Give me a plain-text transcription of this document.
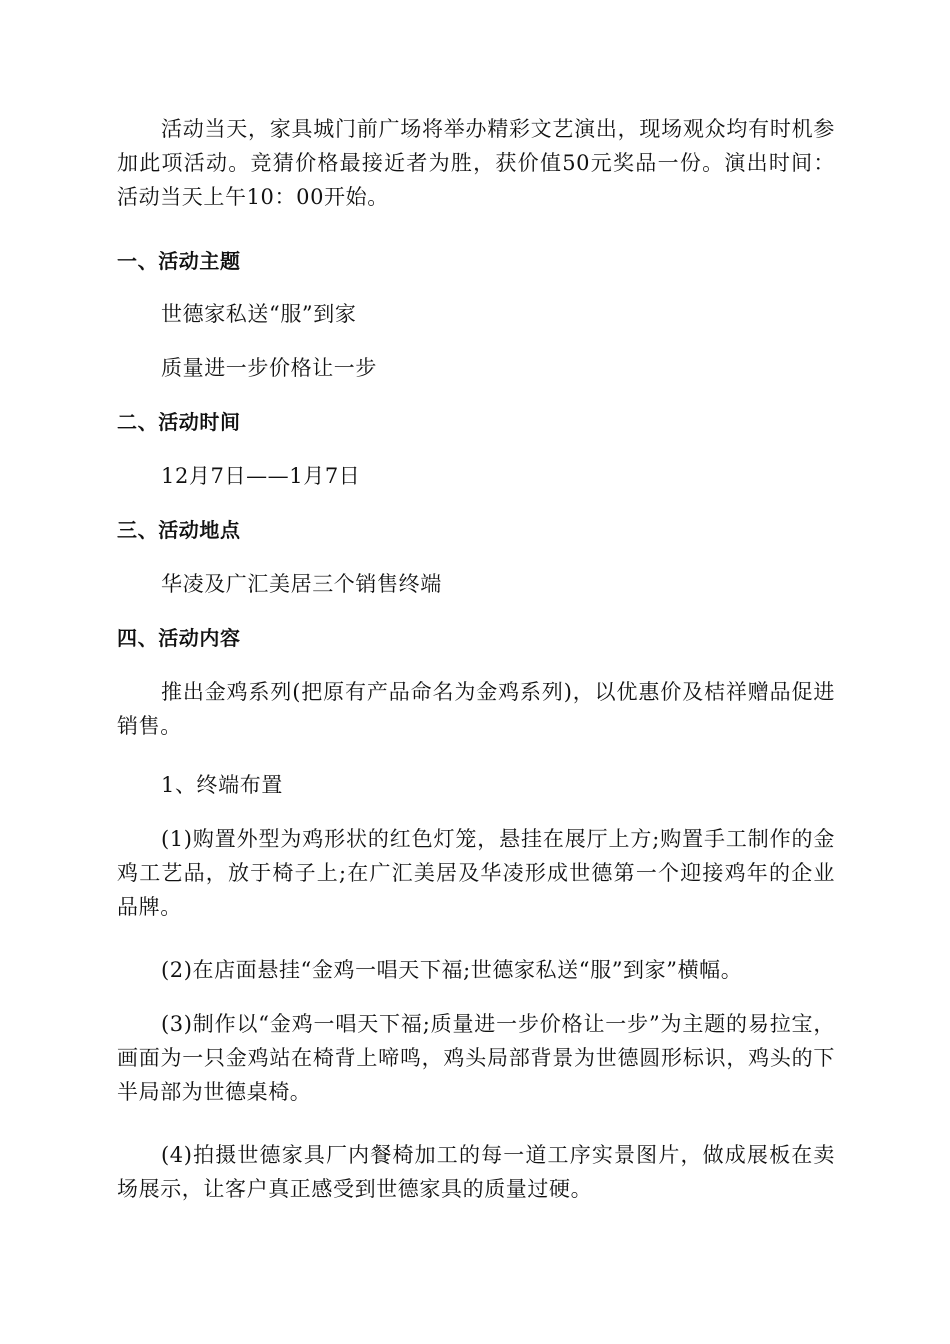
活动当天，家具城门前广场将举办精彩文艺演出，现场观众均有时机参加此项活动。竞猜价格最接近者为胜，获价值50元奖品一份。演出时间：活动当天上午10：00开始。

一、活动主题

世德家私送“服”到家

质量进一步价格让一步

二、活动时间

12月7日——1月7日

三、活动地点

华凌及广汇美居三个销售终端

四、活动内容

推出金鸡系列(把原有产品命名为金鸡系列)，以优惠价及桔祥赠品促进销售。

1、终端布置

(1)购置外型为鸡形状的红色灯笼，悬挂在展厅上方;购置手工制作的金鸡工艺品，放于椅子上;在广汇美居及华凌形成世德第一个迎接鸡年的企业品牌。

(2)在店面悬挂“金鸡一唱天下福;世德家私送“服”到家”横幅。

(3)制作以“金鸡一唱天下福;质量进一步价格让一步”为主题的易拉宝，画面为一只金鸡站在椅背上啼鸣，鸡头局部背景为世德圆形标识，鸡头的下半局部为世德桌椅。

(4)拍摄世德家具厂内餐椅加工的每一道工序实景图片，做成展板在卖场展示，让客户真正感受到世德家具的质量过硬。
